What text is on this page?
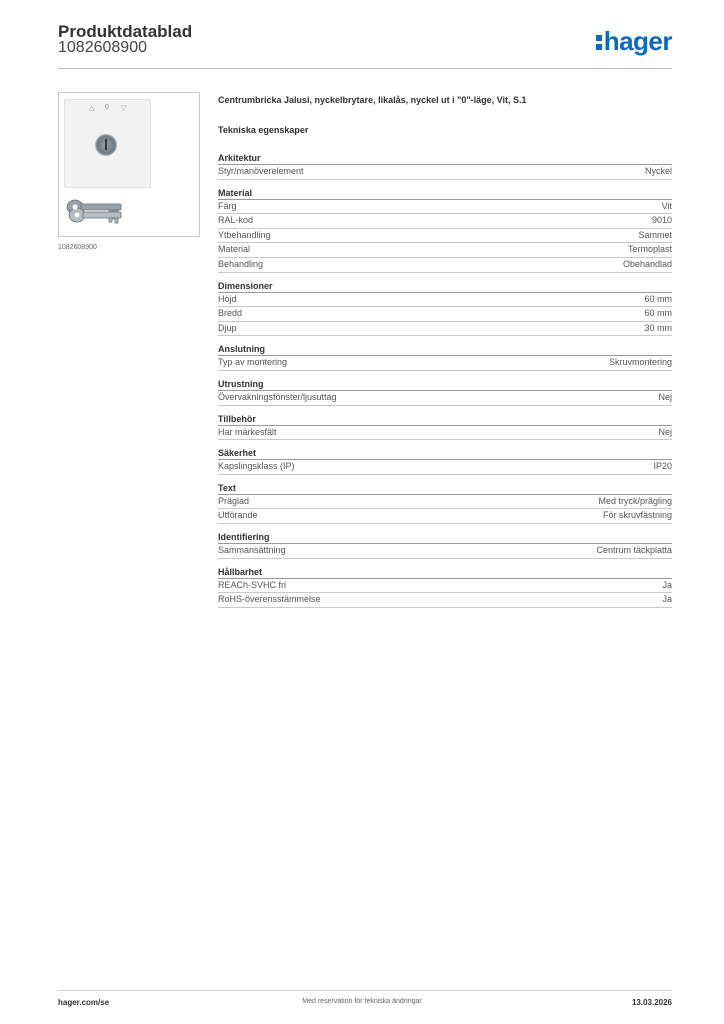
Produktdatablad
1082608900	hager
△ 0 ▽
1082608900
Centrumbricka Jalusi, nyckelbrytare, likalås, nyckel ut i "0"-läge, Vit, S.1
Tekniska egenskaper
Arkitektur
Styr/manöverelement	Nyckel
Material
Färg	Vit
RAL-kod	9010
Ytbehandling	Sammet
Material	Termoplast
Behandling	Obehandlad
Dimensioner
Höjd	60 mm
Bredd	60 mm
Djup	30 mm
Anslutning
Typ av montering	Skruvmontering
Utrustning
Övervakningsfönster/ljusuttag	Nej
Tillbehör
Har märkesfält	Nej
Säkerhet
Kapslingsklass (IP)	IP20
Text
Präglad	Med tryck/prägling
Utförande	För skruvfästning
Identifiering
Sammansättning	Centrum täckplatta
Hållbarhet
REACh-SVHC fri	Ja
RoHS-överensstämmelse	Ja
hager.com/se	Med reservation för tekniska ändringar	13.03.2026
